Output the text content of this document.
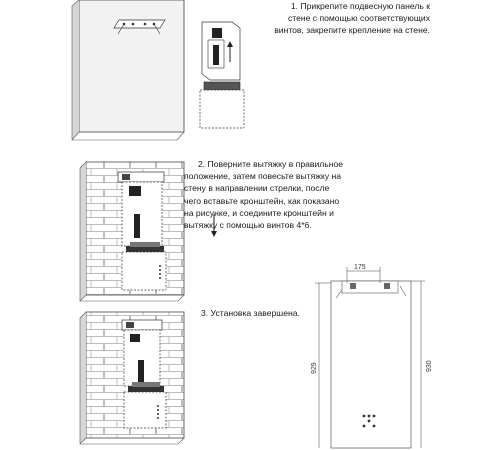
1. Прикрепите подвесную панель к
стене с помощью соответствующих
винтов, закрепите крепление на стене.
2. Поверните вытяжку в правильное
положение, затем повесьте вытяжку на
стену в направлении стрелки, после
чего вставьте кронштейн, как показано
на рисунке, и соедините кронштейн и
вытяжку с помощью винтов 4*6.
3. Установка завершена.
175
929	930
